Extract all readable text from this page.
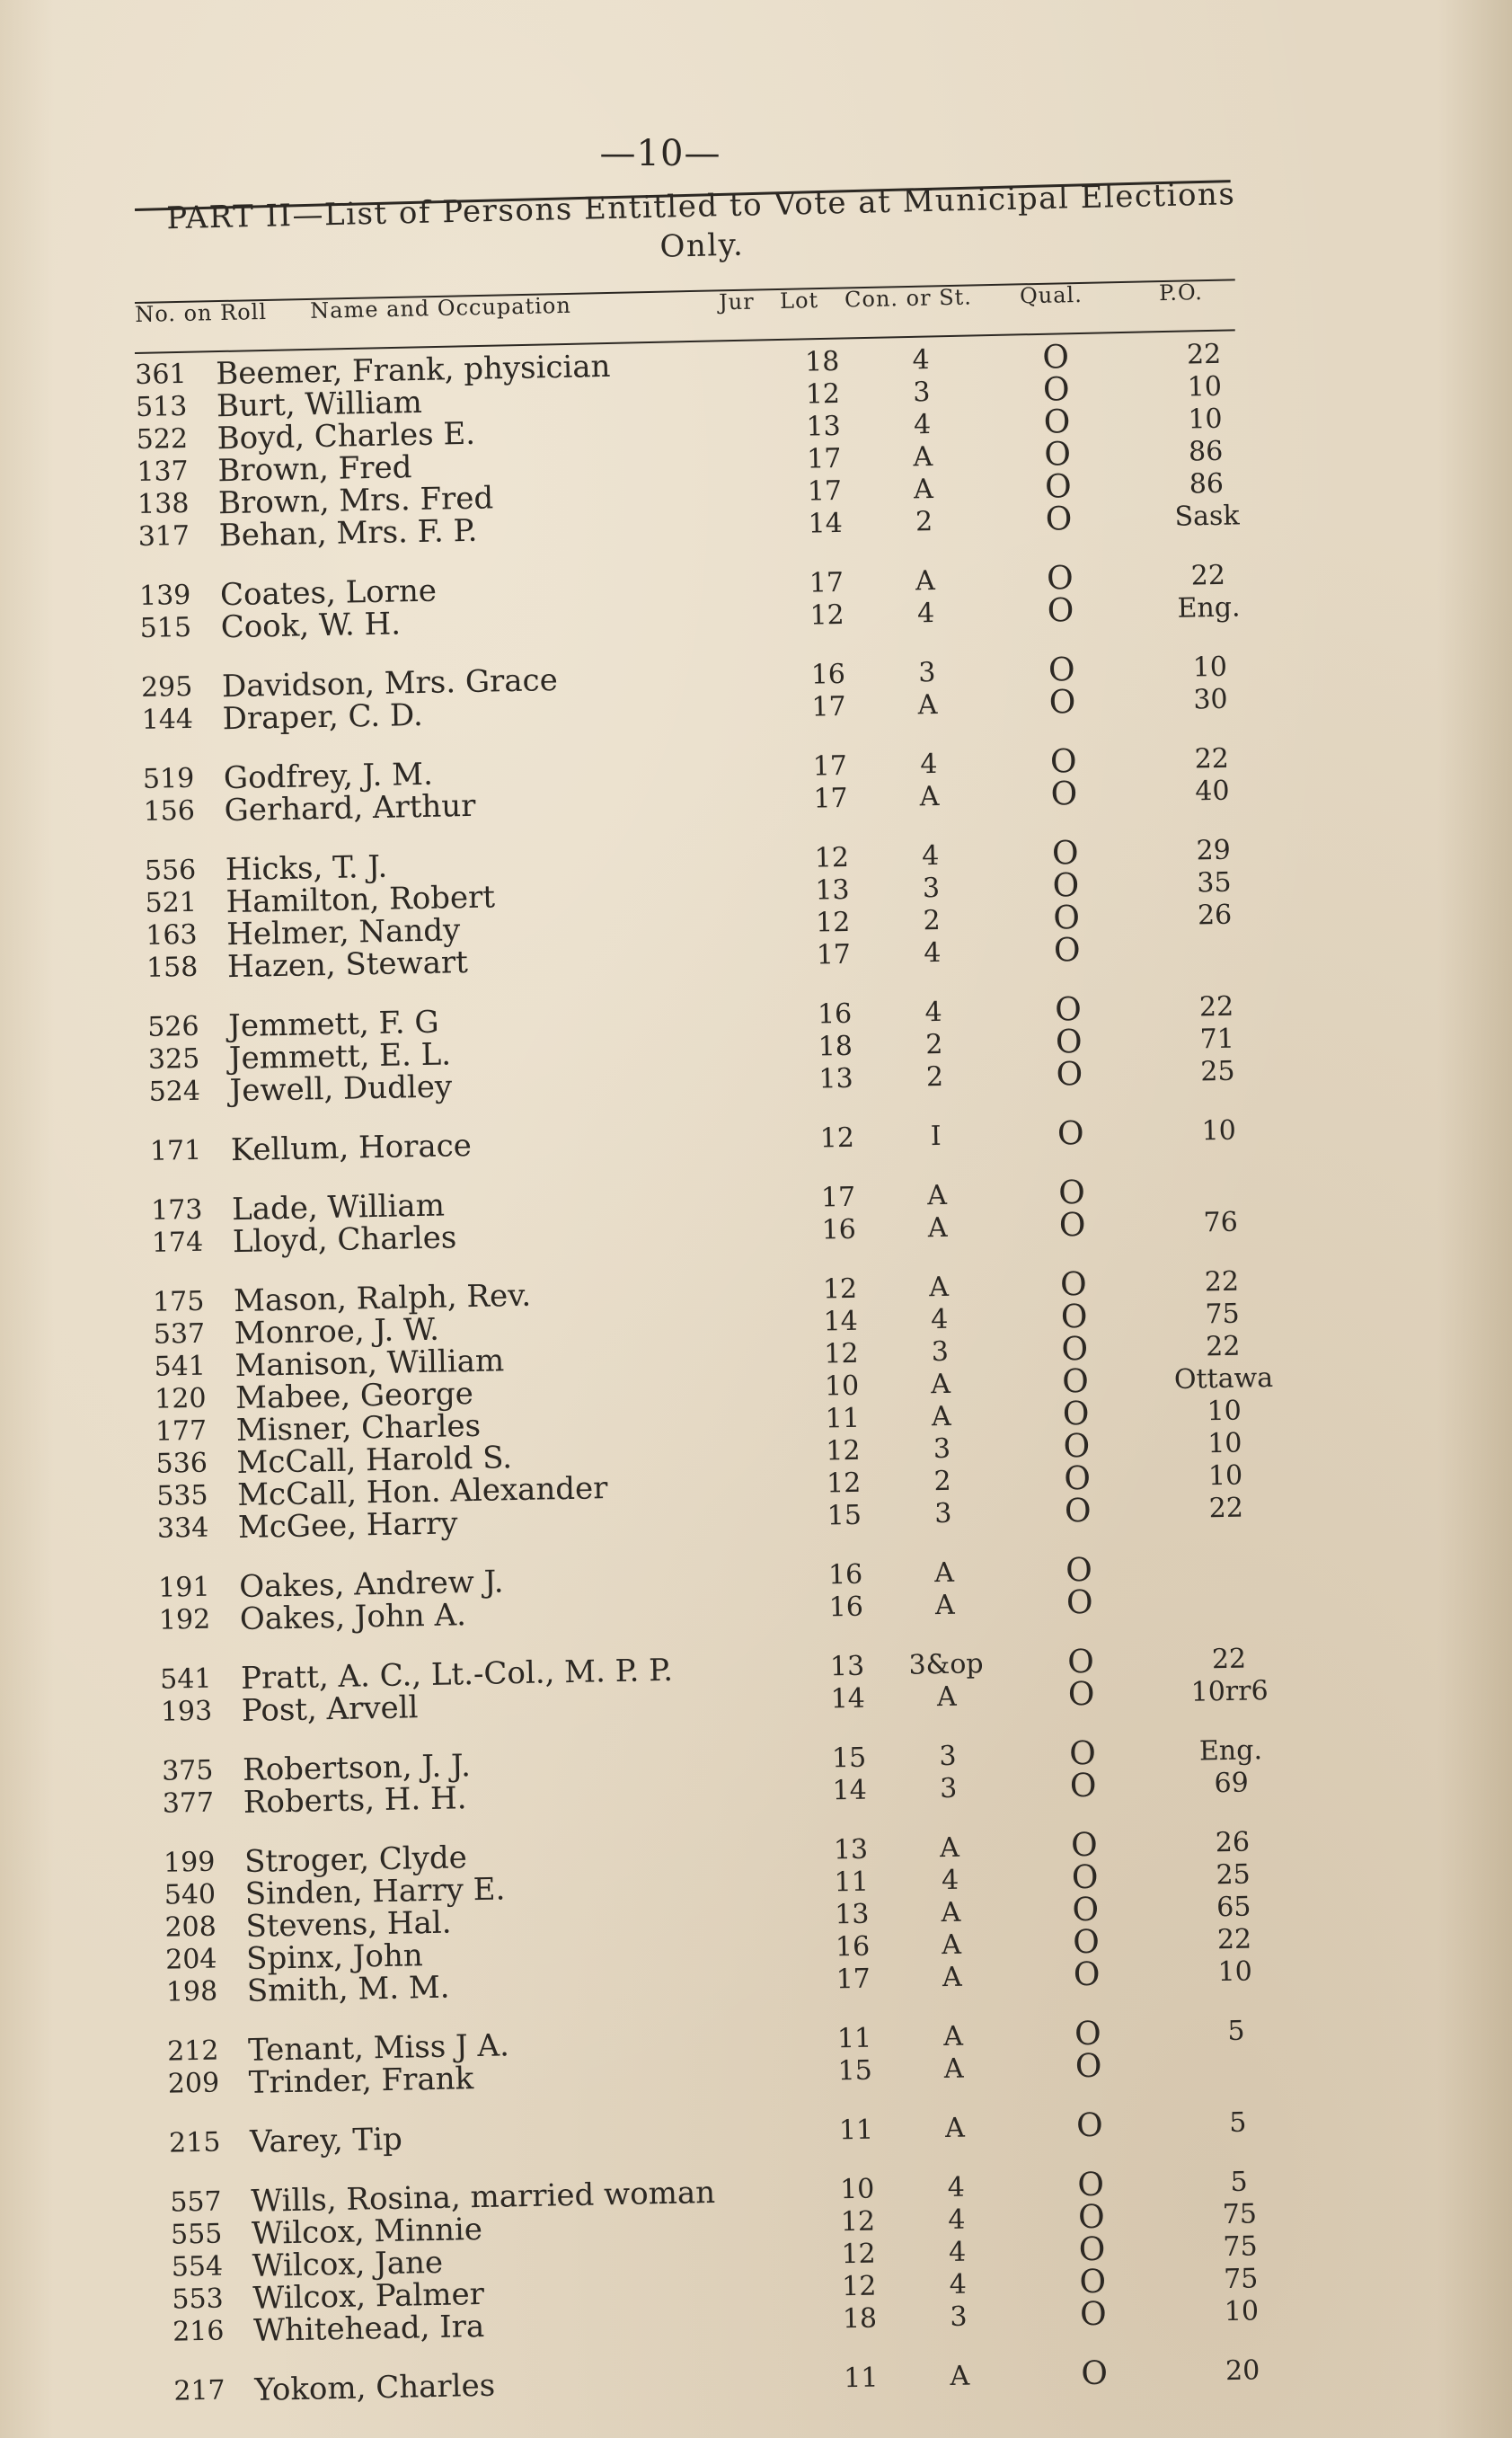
—10—
PART II—List of Persons Entitled to Vote at Municipal Elections Only.
No. on Roll Name and Occupation	Jur Lot Con. or St. Qual.	P.O.
361 Beemer, Frank, physician	18	4	O	22
513 Burt, William	12	3	O	10
522 Boyd, Charles E.	13	4	O	10
137 Brown, Fred	17	A	O	86
138 Brown, Mrs. Fred	17	A	O	86
317 Behan, Mrs. F. P.	14	2	O	Sask
139 Coates, Lorne	17	A	O	22
515 Cook, W. H.	12	4	O	Eng.
295 Davidson, Mrs. Grace	16	3	O	10
144 Draper, C. D.	17	A	O	30
519 Godfrey, J. M.	17	4	O	22
156 Gerhard, Arthur	17	A	O	40
556 Hicks, T. J.	12	4	O	29
521 Hamilton, Robert	13	3	O	35
163 Helmer, Nandy	12	2	O	26
158 Hazen, Stewart	17	4	O
526 Jemmett, F. G	16	4	O	22
325 Jemmett, E. L.	18	2	O	71
524 Jewell, Dudley	13	2	O	25
171 Kellum, Horace	12	I	O	10
173 Lade, William	17	A	O
174 Lloyd, Charles	16	A	O	76
175 Mason, Ralph, Rev.	12	A	O	22
537 Monroe, J. W.	14	4	O	75
541 Manison, William	12	3	O	22
120 Mabee, George	10	A	O	Ottawa
177 Misner, Charles	11	A	O	10
536 McCall, Harold S.	12	3	O	10
535 McCall, Hon. Alexander	12	2	O	10
334 McGee, Harry	15	3	O	22
191 Oakes, Andrew J.	16	A	O
192 Oakes, John A.	16	A	O
541 Pratt, A. C., Lt.-Col., M. P. P.	13	3&op	O	22
193 Post, Arvell	14	A	O	10rr6
375 Robertson, J. J.	15	3	O	Eng.
377 Roberts, H. H.	14	3	O	69
199 Stroger, Clyde	13	A	O	26
540 Sinden, Harry E.	11	4	O	25
208 Stevens, Hal.	13	A	O	65
204 Spinx, John	16	A	O	22
198 Smith, M. M.	17	A	O	10
212 Tenant, Miss J A.	11	A	O	5
209 Trinder, Frank	15	A	O
215 Varey, Tip	11	A	O	5
557 Wills, Rosina, married woman	10	4	O	5
555 Wilcox, Minnie	12	4	O	75
554 Wilcox, Jane	12	4	O	75
553 Wilcox, Palmer	12	4	O	75
216 Whitehead, Ira	18	3	O	10
217 Yokom, Charles	11	A	O	20
